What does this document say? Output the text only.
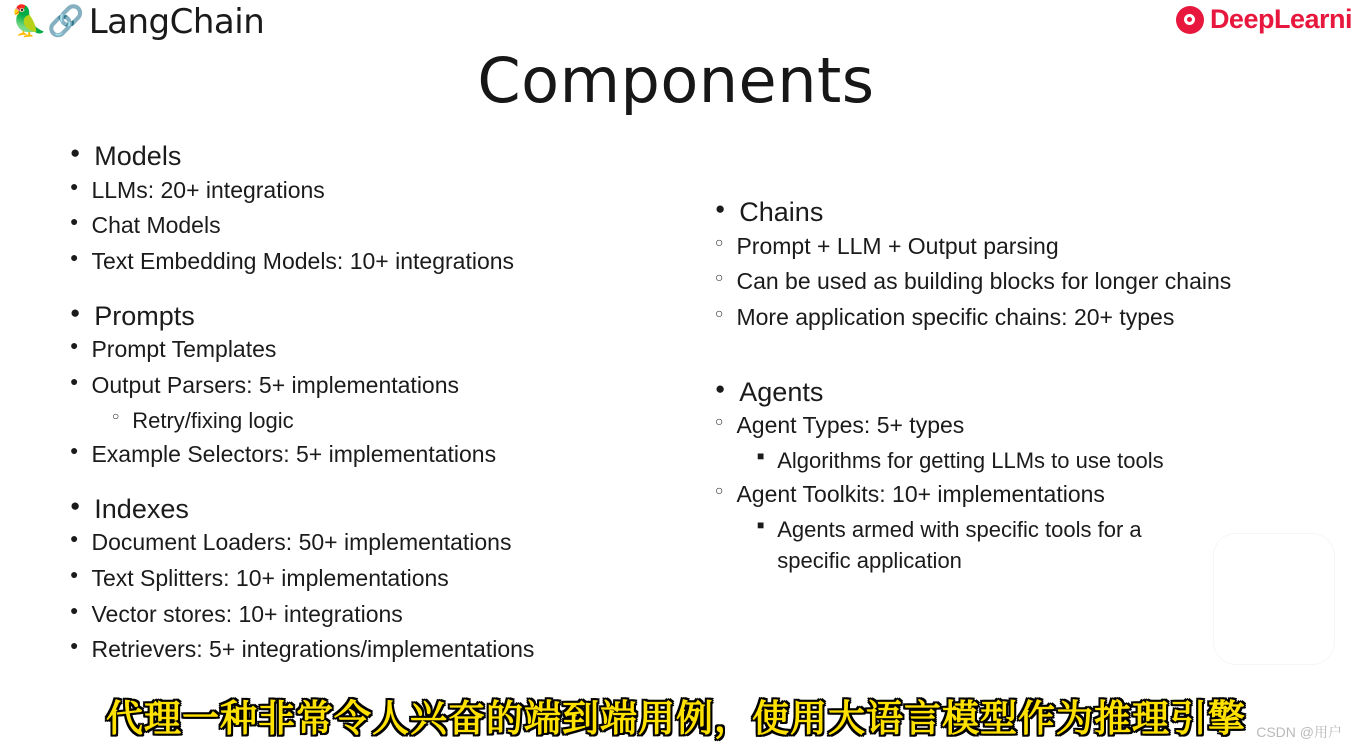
🦜🔗 LangChain	DeepLearni
Components
● Models
● LLMs: 20+ integrations
● Chat Models
● Text Embedding Models: 10+ integrations
● Prompts
● Prompt Templates
● Output Parsers: 5+ implementations
○ Retry/fixing logic
● Example Selectors: 5+ implementations
● Indexes
● Document Loaders: 50+ implementations
● Text Splitters: 10+ implementations
● Vector stores: 10+ integrations
● Retrievers: 5+ integrations/implementations
● Chains
○ Prompt + LLM + Output parsing
○ Can be used as building blocks for longer chains
○ More application specific chains: 20+ types
● Agents
○ Agent Types: 5+ types
■ Algorithms for getting LLMs to use tools
○ Agent Toolkits: 10+ implementations
■ Agents armed with specific tools for a specific application
代理一种非常令人兴奋的端到端用例，使用大语言模型作为推理引擎 CSDN @用户
